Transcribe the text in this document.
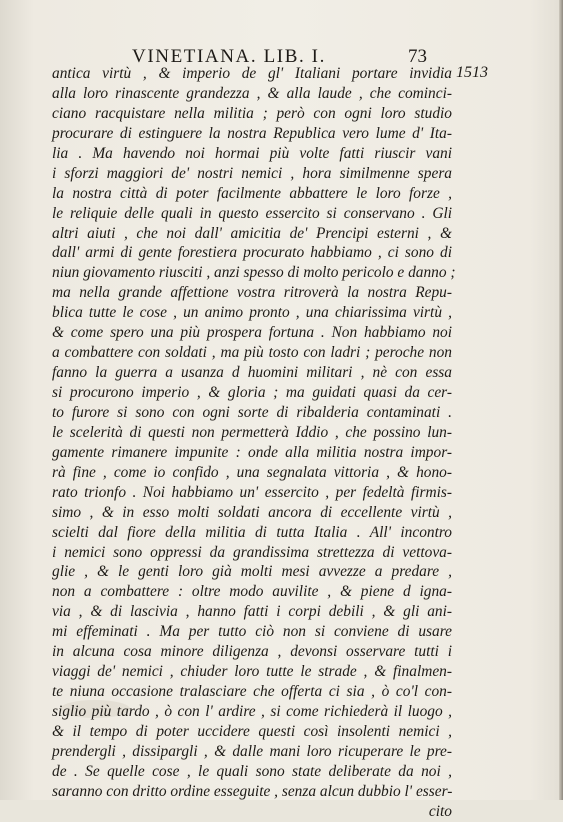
VINETIANA. LIB. I.	73
1513
antica virtù , & imperio de gl' Italiani portare invidia
alla loro rinascente grandezza , & alla laude , che cominci-
ciano racquistare nella militia ; però con ogni loro studio
procurare di estinguere la nostra Republica vero lume d' Ita-
lia . Ma havendo noi hormai più volte fatti riuscir vani
i sforzi maggiori de' nostri nemici , hora similmenne spera
la nostra città di poter facilmente abbattere le loro forze ,
le reliquie delle quali in questo essercito si conservano . Gli
altri aiuti , che noi dall' amicitia de' Prencipi esterni , &
dall' armi di gente forestiera procurato habbiamo , ci sono di
niun giovamento riusciti , anzi spesso di molto pericolo e danno ;
ma nella grande affettione vostra ritroverà la nostra Repu-
blica tutte le cose , un animo pronto , una chiarissima virtù ,
& come spero una più prospera fortuna . Non habbiamo noi
a combattere con soldati , ma più tosto con ladri ; peroche non
fanno la guerra a usanza d huomini militari , nè con essa
si procurono imperio , & gloria ; ma guidati quasi da cer-
to furore si sono con ogni sorte di ribalderia contaminati .
le scelerità di questi non permetterà Iddio , che possino lun-
gamente rimanere impunite : onde alla militia nostra impor-
rà fine , come io confido , una segnalata vittoria , & hono-
rato trionfo . Noi habbiamo un' essercito , per fedeltà firmis-
simo , & in esso molti soldati ancora di eccellente virtù ,
scielti dal fiore della militia di tutta Italia . All' incontro
i nemici sono oppressi da grandissima strettezza di vettova-
glie , & le genti loro già molti mesi avvezze a predare ,
non a combattere : oltre modo auvilite , & piene d igna-
via , & di lascivia , hanno fatti i corpi debili , & gli ani-
mi effeminati . Ma per tutto ciò non si conviene di usare
in alcuna cosa minore diligenza , devonsi osservare tutti i
viaggi de' nemici , chiuder loro tutte le strade , & finalmen-
te niuna occasione tralasciare che offerta ci sia , ò co'l con-
siglio più tardo , ò con l' ardire , si come richiederà il luogo ,
& il tempo di poter uccidere questi così insolenti nemici ,
prendergli , dissipargli , & dalle mani loro ricuperare le pre-
de . Se quelle cose , le quali sono state deliberate da noi ,
saranno con dritto ordine esseguite , senza alcun dubbio l' esser-
cito
